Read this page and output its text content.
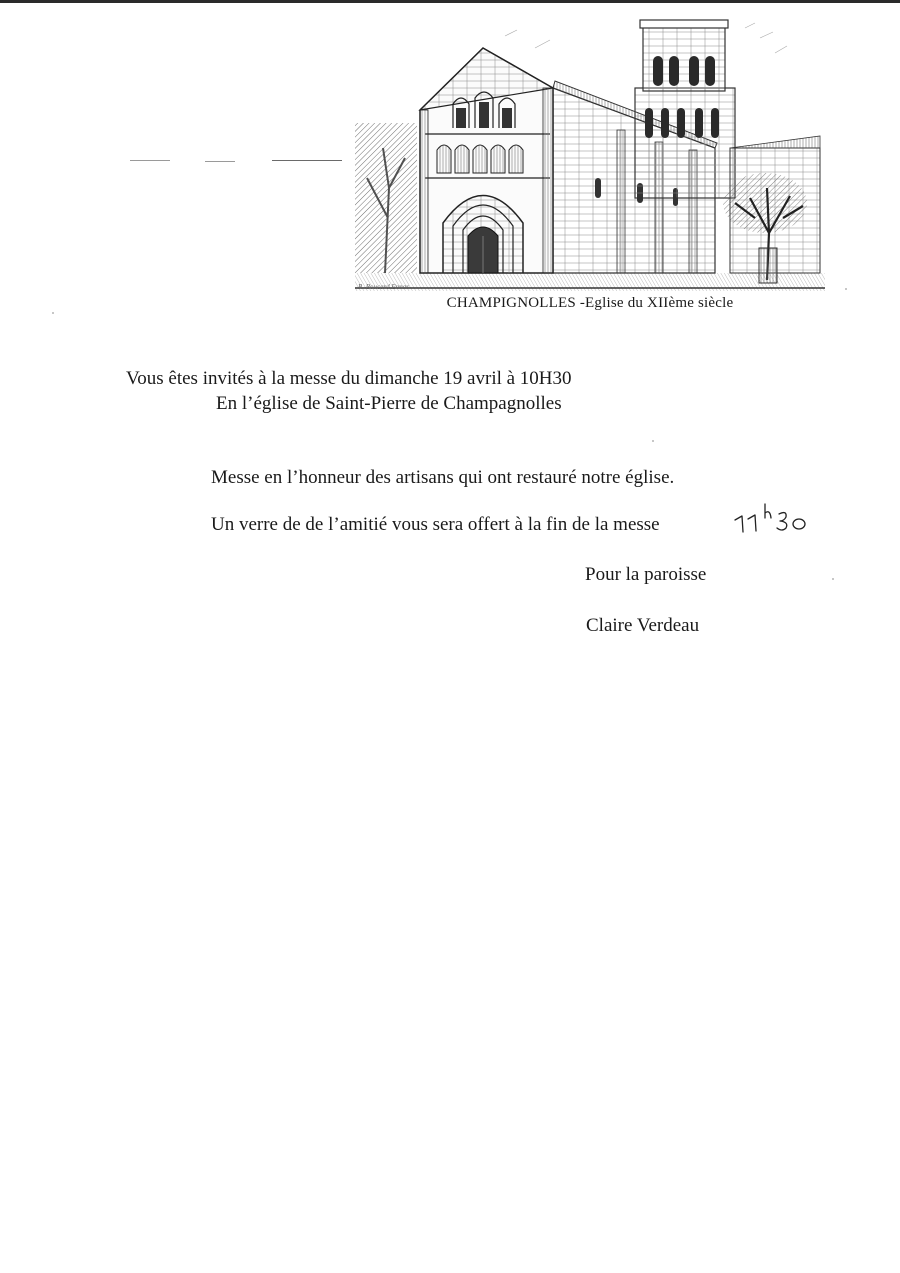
R. Boucard Ennar
CHAMPIGNOLLES -Eglise du XIIème siècle
Vous êtes invités à la messe du dimanche 19 avril à 10H30
En l’église de Saint-Pierre de Champagnolles
Messe en l’honneur des artisans qui ont restauré notre église.
Un verre de de l’amitié vous sera offert à la fin de la messe
Pour la paroisse
Claire Verdeau
